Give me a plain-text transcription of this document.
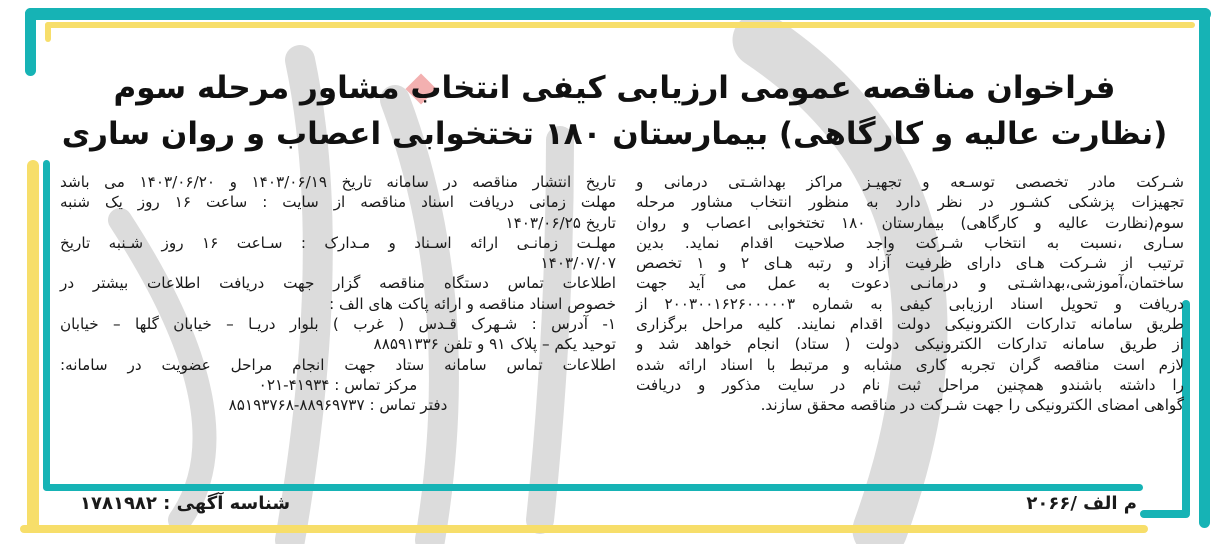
فراخوان مناقصه عمومی ارزیابی کیفی انتخاب مشاور مرحله سوم
(نظارت عالیه و کارگاهی) بیمارستان ۱۸۰ تختخوابی اعصاب و روان ساری
شـرکت مادر تخصصی توسـعه و تجهیـز مراکز بهداشـتی درمانی و
تجهیزات پزشکی کشـور در نظر دارد به منظور انتخاب مشاور مرحله
سوم(نظارت عالیه و کارگاهی) بیمارستان ۱۸۰ تختخوابی اعصاب و روان
سـاری ،نسبت به انتخاب شـرکت واجد صلاحیت اقدام نماید. بدین
ترتیب از شـرکت هـای دارای ظرفیت آزاد و رتبه هـای ۲ و ۱ تخصص
ساختمان،آموزشی،بهداشـتی و درمانـی دعوت به عمل می آید جهت
دریافت و تحویل اسناد ارزیابی کیفی به شماره ۲۰۰۳۰۰۱۶۲۶۰۰۰۰۰۳ از
طریق سامانه تدارکات الکترونیکی دولت اقدام نمایند. کلیه مراحل برگزاری
از طریق سامانه تدارکات الکترونیکی دولت ( ستاد) انجام خواهد شد و
لازم است مناقصه گران تجربه کاری مشابه و مرتبط با اسناد ارائه شده
را داشته باشندو همچنین مراحل ثبت نام در سایت مذکور و دریافت
گواهی امضای الکترونیکی را جهت شـرکت در مناقصه محقق سازند.
تاریخ انتشار مناقصه در سامانه تاریخ ۱۴۰۳/۰۶/۱۹ و ۱۴۰۳/۰۶/۲۰ می باشد
مهلت زمانی دریافت اسناد مناقصه از سایت : ساعت ۱۶ روز یک شنبه
تاریخ ۱۴۰۳/۰۶/۲۵
مهلـت زمانـی ارائه اسـناد و مـدارک : سـاعت ۱۶ روز شـنبه تاریخ
۱۴۰۳/۰۷/۰۷
اطلاعات تماس دستگاه مناقصه گزار جهت دریافت اطلاعات بیشتر در
خصوص اسناد مناقصه و ارائه پاکت های الف :
۱- آدرس : شـهرک قـدس ( غرب ) بلوار دریـا – خیابان گلها – خیابان
توحید یکم – پلاک ۹۱ و تلفن ۸۸۵۹۱۳۳۶
اطلاعات تماس سامانه ستاد جهت انجام مراحل عضویت در سامانه:
مرکز تماس : ۴۱۹۳۴-۰۲۱
دفتر تماس : ۸۸۹۶۹۷۳۷-۸۵۱۹۳۷۶۸
م الف /۲۰۶۶
شناسه آگهی : ۱۷۸۱۹۸۲
